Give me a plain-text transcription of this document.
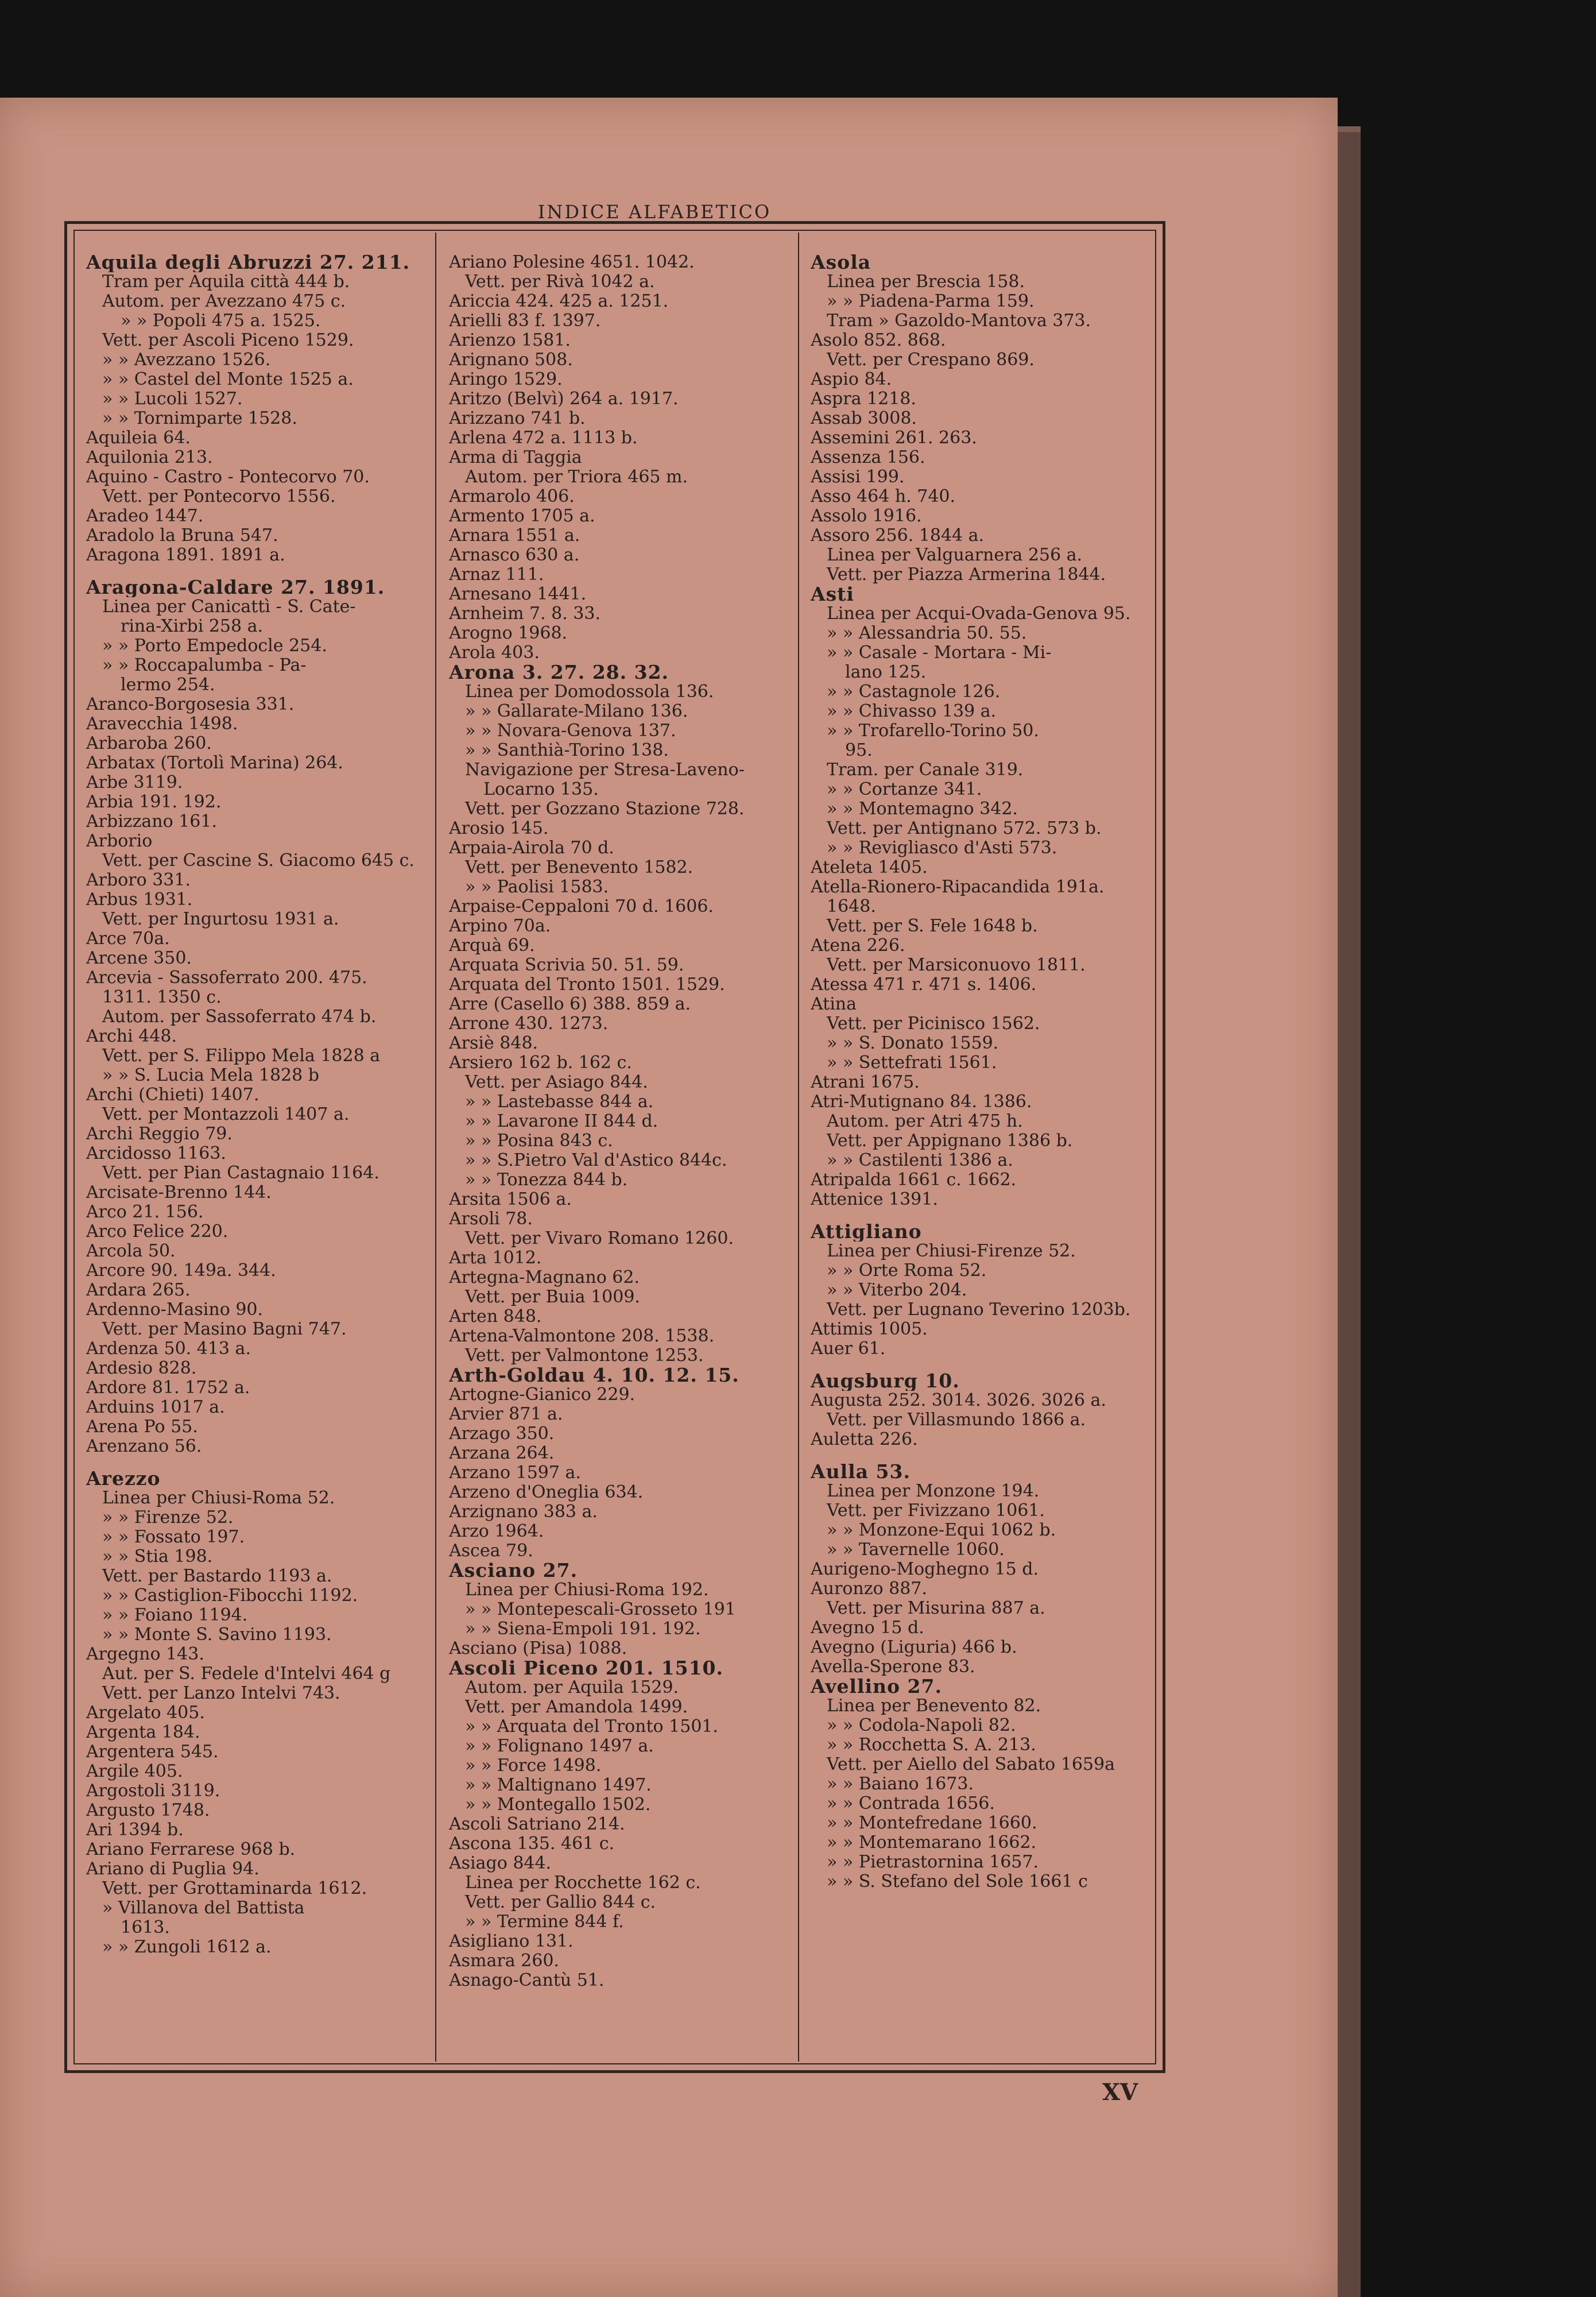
INDICE ALFABETICO
Aquila degli Abruzzi 27. 211.
Tram per Aquila città 444 b.
Autom. per Avezzano 475 c.
» » Popoli 475 a. 1525.
Vett. per Ascoli Piceno 1529.
» » Avezzano 1526.
» » Castel del Monte 1525 a.
» » Lucoli 1527.
» » Tornimparte 1528.
Aquileia 64.
Aquilonia 213.
Aquino - Castro - Pontecorvo 70.
Vett. per Pontecorvo 1556.
Aradeo 1447.
Aradolo la Bruna 547.
Aragona 1891. 1891 a.
Aragona-Caldare 27. 1891.
Linea per Canicattì - S. Cate-
rina-Xirbi 258 a.
» » Porto Empedocle 254.
» » Roccapalumba - Pa-
lermo 254.
Aranco-Borgosesia 331.
Aravecchia 1498.
Arbaroba 260.
Arbatax (Tortolì Marina) 264.
Arbe 3119.
Arbia 191. 192.
Arbizzano 161.
Arborio
Vett. per Cascine S. Giacomo 645 c.
Arboro 331.
Arbus 1931.
Vett. per Ingurtosu 1931 a.
Arce 70a.
Arcene 350.
Arcevia - Sassoferrato 200. 475.
1311. 1350 c.
Autom. per Sassoferrato 474 b.
Archi 448.
Vett. per S. Filippo Mela 1828 a
» » S. Lucia Mela 1828 b
Archi (Chieti) 1407.
Vett. per Montazzoli 1407 a.
Archi Reggio 79.
Arcidosso 1163.
Vett. per Pian Castagnaio 1164.
Arcisate-Brenno 144.
Arco 21. 156.
Arco Felice 220.
Arcola 50.
Arcore 90. 149a. 344.
Ardara 265.
Ardenno-Masino 90.
Vett. per Masino Bagni 747.
Ardenza 50. 413 a.
Ardesio 828.
Ardore 81. 1752 a.
Arduins 1017 a.
Arena Po 55.
Arenzano 56.
Arezzo
Linea per Chiusi-Roma 52.
» » Firenze 52.
» » Fossato 197.
» » Stia 198.
Vett. per Bastardo 1193 a.
» » Castiglion-Fibocchi 1192.
» » Foiano 1194.
» » Monte S. Savino 1193.
Argegno 143.
Aut. per S. Fedele d'Intelvi 464 g
Vett. per Lanzo Intelvi 743.
Argelato 405.
Argenta 184.
Argentera 545.
Argile 405.
Argostoli 3119.
Argusto 1748.
Ari 1394 b.
Ariano Ferrarese 968 b.
Ariano di Puglia 94.
Vett. per Grottaminarda 1612.
» Villanova del Battista
1613.
» » Zungoli 1612 a.
Ariano Polesine 4651. 1042.
Vett. per Rivà 1042 a.
Ariccia 424. 425 a. 1251.
Arielli 83 f. 1397.
Arienzo 1581.
Arignano 508.
Aringo 1529.
Aritzo (Belvì) 264 a. 1917.
Arizzano 741 b.
Arlena 472 a. 1113 b.
Arma di Taggia
Autom. per Triora 465 m.
Armarolo 406.
Armento 1705 a.
Arnara 1551 a.
Arnasco 630 a.
Arnaz 111.
Arnesano 1441.
Arnheim 7. 8. 33.
Arogno 1968.
Arola 403.
Arona 3. 27. 28. 32.
Linea per Domodossola 136.
» » Gallarate-Milano 136.
» » Novara-Genova 137.
» » Santhià-Torino 138.
Navigazione per Stresa-Laveno-
Locarno 135.
Vett. per Gozzano Stazione 728.
Arosio 145.
Arpaia-Airola 70 d.
Vett. per Benevento 1582.
» » Paolisi 1583.
Arpaise-Ceppaloni 70 d. 1606.
Arpino 70a.
Arquà 69.
Arquata Scrivia 50. 51. 59.
Arquata del Tronto 1501. 1529.
Arre (Casello 6) 388. 859 a.
Arrone 430. 1273.
Arsiè 848.
Arsiero 162 b. 162 c.
Vett. per Asiago 844.
» » Lastebasse 844 a.
» » Lavarone II 844 d.
» » Posina 843 c.
» » S.Pietro Val d'Astico 844c.
» » Tonezza 844 b.
Arsita 1506 a.
Arsoli 78.
Vett. per Vivaro Romano 1260.
Arta 1012.
Artegna-Magnano 62.
Vett. per Buia 1009.
Arten 848.
Artena-Valmontone 208. 1538.
Vett. per Valmontone 1253.
Arth-Goldau 4. 10. 12. 15.
Artogne-Gianico 229.
Arvier 871 a.
Arzago 350.
Arzana 264.
Arzano 1597 a.
Arzeno d'Oneglia 634.
Arzignano 383 a.
Arzo 1964.
Ascea 79.
Asciano 27.
Linea per Chiusi-Roma 192.
» » Montepescali-Grosseto 191
» » Siena-Empoli 191. 192.
Asciano (Pisa) 1088.
Ascoli Piceno 201. 1510.
Autom. per Aquila 1529.
Vett. per Amandola 1499.
» » Arquata del Tronto 1501.
» » Folignano 1497 a.
» » Force 1498.
» » Maltignano 1497.
» » Montegallo 1502.
Ascoli Satriano 214.
Ascona 135. 461 c.
Asiago 844.
Linea per Rocchette 162 c.
Vett. per Gallio 844 c.
» » Termine 844 f.
Asigliano 131.
Asmara 260.
Asnago-Cantù 51.
Asola
Linea per Brescia 158.
» » Piadena-Parma 159.
Tram » Gazoldo-Mantova 373.
Asolo 852. 868.
Vett. per Crespano 869.
Aspio 84.
Aspra 1218.
Assab 3008.
Assemini 261. 263.
Assenza 156.
Assisi 199.
Asso 464 h. 740.
Assolo 1916.
Assoro 256. 1844 a.
Linea per Valguarnera 256 a.
Vett. per Piazza Armerina 1844.
Asti
Linea per Acqui-Ovada-Genova 95.
» » Alessandria 50. 55.
» » Casale - Mortara - Mi-
lano 125.
» » Castagnole 126.
» » Chivasso 139 a.
» » Trofarello-Torino 50.
95.
Tram. per Canale 319.
» » Cortanze 341.
» » Montemagno 342.
Vett. per Antignano 572. 573 b.
» » Revigliasco d'Asti 573.
Ateleta 1405.
Atella-Rionero-Ripacandida 191a.
1648.
Vett. per S. Fele 1648 b.
Atena 226.
Vett. per Marsiconuovo 1811.
Atessa 471 r. 471 s. 1406.
Atina
Vett. per Picinisco 1562.
» » S. Donato 1559.
» » Settefrati 1561.
Atrani 1675.
Atri-Mutignano 84. 1386.
Autom. per Atri 475 h.
Vett. per Appignano 1386 b.
» » Castilenti 1386 a.
Atripalda 1661 c. 1662.
Attenice 1391.
Attigliano
Linea per Chiusi-Firenze 52.
» » Orte Roma 52.
» » Viterbo 204.
Vett. per Lugnano Teverino 1203b.
Attimis 1005.
Auer 61.
Augsburg 10.
Augusta 252. 3014. 3026. 3026 a.
Vett. per Villasmundo 1866 a.
Auletta 226.
Aulla 53.
Linea per Monzone 194.
Vett. per Fivizzano 1061.
» » Monzone-Equi 1062 b.
» » Tavernelle 1060.
Aurigeno-Moghegno 15 d.
Auronzo 887.
Vett. per Misurina 887 a.
Avegno 15 d.
Avegno (Liguria) 466 b.
Avella-Sperone 83.
Avellino 27.
Linea per Benevento 82.
» » Codola-Napoli 82.
» » Rocchetta S. A. 213.
Vett. per Aiello del Sabato 1659a
» » Baiano 1673.
» » Contrada 1656.
» » Montefredane 1660.
» » Montemarano 1662.
» » Pietrastornina 1657.
» » S. Stefano del Sole 1661 c
XV
